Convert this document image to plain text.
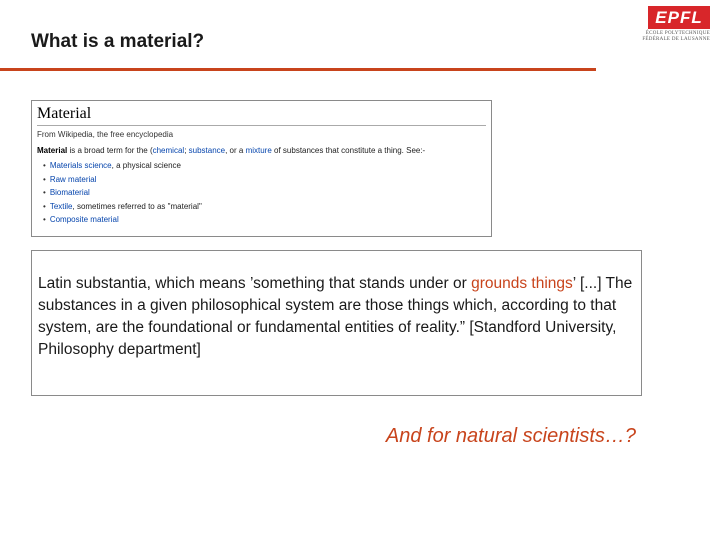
What is a material?
EPFL
ÉCOLE POLYTECHNIQUE
FÉDÉRALE DE LAUSANNE
Material
From Wikipedia, the free encyclopedia
Material is a broad term for the (chemical; substance, or a mixture of substances that constitute a thing. See:-
• Materials science, a physical science
• Raw material
• Biomaterial
• Textile, sometimes referred to as "material"
• Composite material
Latin substantia, which means ’something that stands under or grounds things’ [...] The substances in a given philosophical system are those things which, according to that system, are the foundational or fundamental entities of reality.” [Standford University, Philosophy department]
And for natural scientists…?
